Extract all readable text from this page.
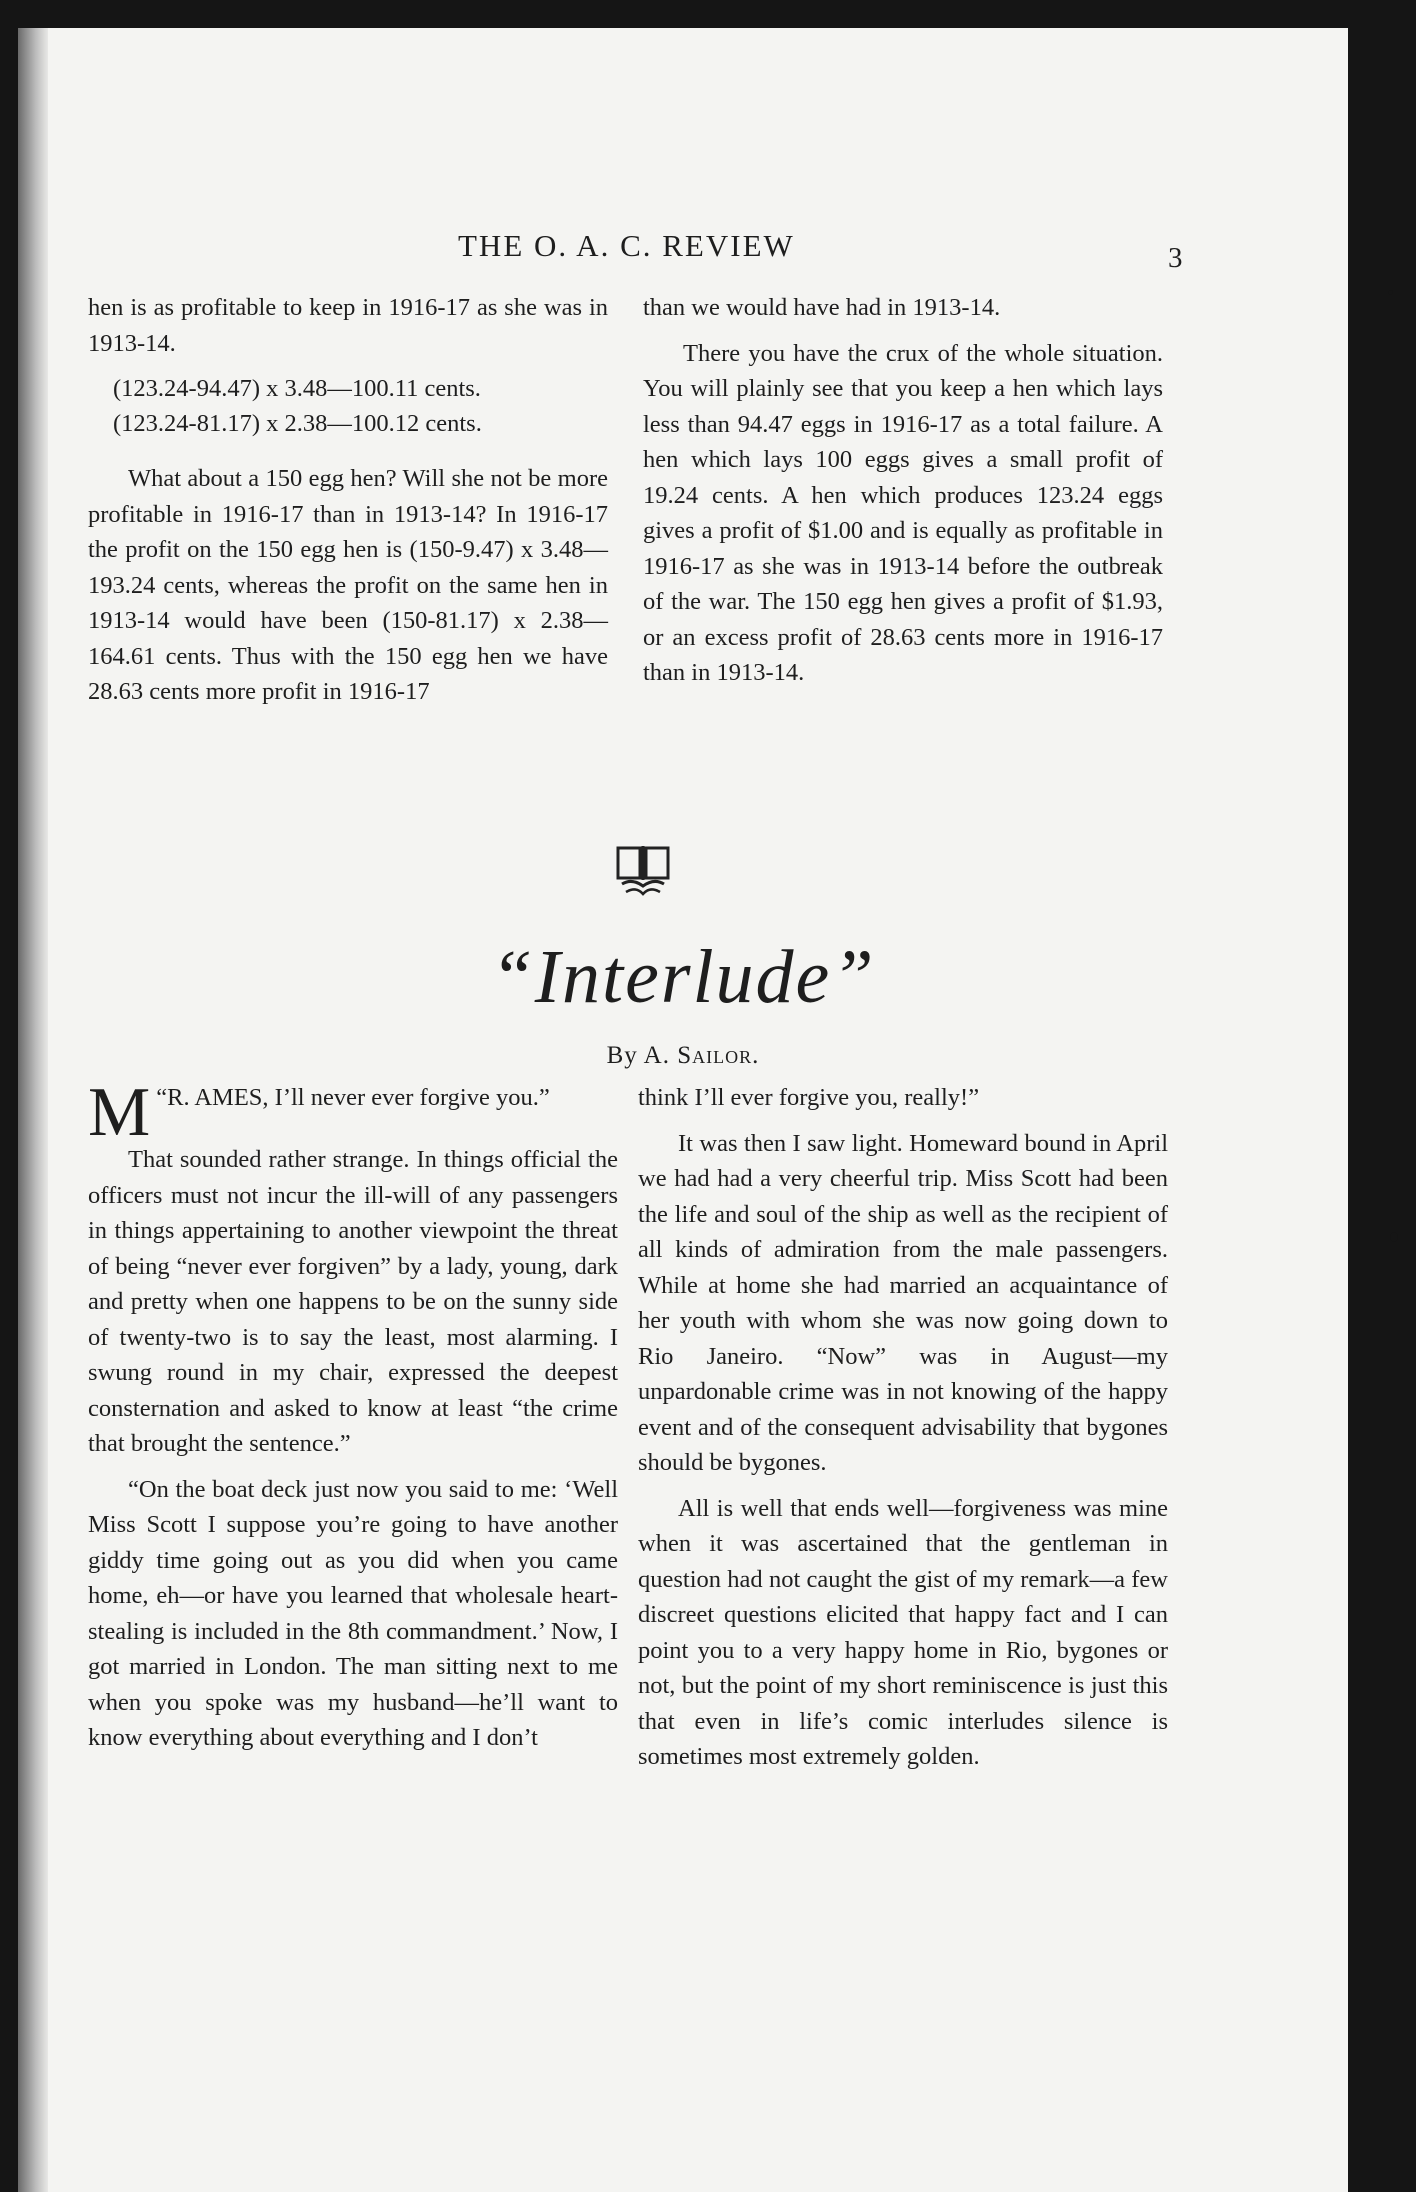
THE O. A. C. REVIEW	3

hen is as profitable to keep in 1916-17 as she was in 1913-14.

(123.24-94.47) x 3.48—100.11 cents.
(123.24-81.17) x 2.38—100.12 cents.

What about a 150 egg hen? Will she not be more profitable in 1916-17 than in 1913-14? In 1916-17 the profit on the 150 egg hen is (150-9.47) x 3.48—193.24 cents, whereas the profit on the same hen in 1913-14 would have been (150-81.17) x 2.38—164.61 cents. Thus with the 150 egg hen we have 28.63 cents more profit in 1916-17

than we would have had in 1913-14.

There you have the crux of the whole situation. You will plainly see that you keep a hen which lays less than 94.47 eggs in 1916-17 as a total failure. A hen which lays 100 eggs gives a small profit of 19.24 cents. A hen which produces 123.24 eggs gives a profit of $1.00 and is equally as profitable in 1916-17 as she was in 1913-14 before the outbreak of the war. The 150 egg hen gives a profit of $1.93, or an excess profit of 28.63 cents more in 1916-17 than in 1913-14.

“Interlude”
By A. Sailor.

“
M R. AMES, I’ll never ever forgive you.”

That sounded rather strange. In things official the officers must not incur the ill-will of any passengers in things appertaining to another viewpoint the threat of being “never ever forgiven” by a lady, young, dark and pretty when one happens to be on the sunny side of twenty-two is to say the least, most alarming. I swung round in my chair, expressed the deepest consternation and asked to know at least “the crime that brought the sentence.”

“On the boat deck just now you said to me: ‘Well Miss Scott I suppose you’re going to have another giddy time going out as you did when you came home, eh—or have you learned that wholesale heart-stealing is included in the 8th commandment.’ Now, I got married in London. The man sitting next to me when you spoke was my husband—he’ll want to know everything about everything and I don’t

think I’ll ever forgive you, really!”

It was then I saw light. Homeward bound in April we had had a very cheerful trip. Miss Scott had been the life and soul of the ship as well as the recipient of all kinds of admiration from the male passengers. While at home she had married an acquaintance of her youth with whom she was now going down to Rio Janeiro. “Now” was in August—my unpardonable crime was in not knowing of the happy event and of the consequent advisability that bygones should be bygones.

All is well that ends well—forgiveness was mine when it was ascertained that the gentleman in question had not caught the gist of my remark—a few discreet questions elicited that happy fact and I can point you to a very happy home in Rio, bygones or not, but the point of my short reminiscence is just this that even in life’s comic interludes silence is sometimes most extremely golden.
